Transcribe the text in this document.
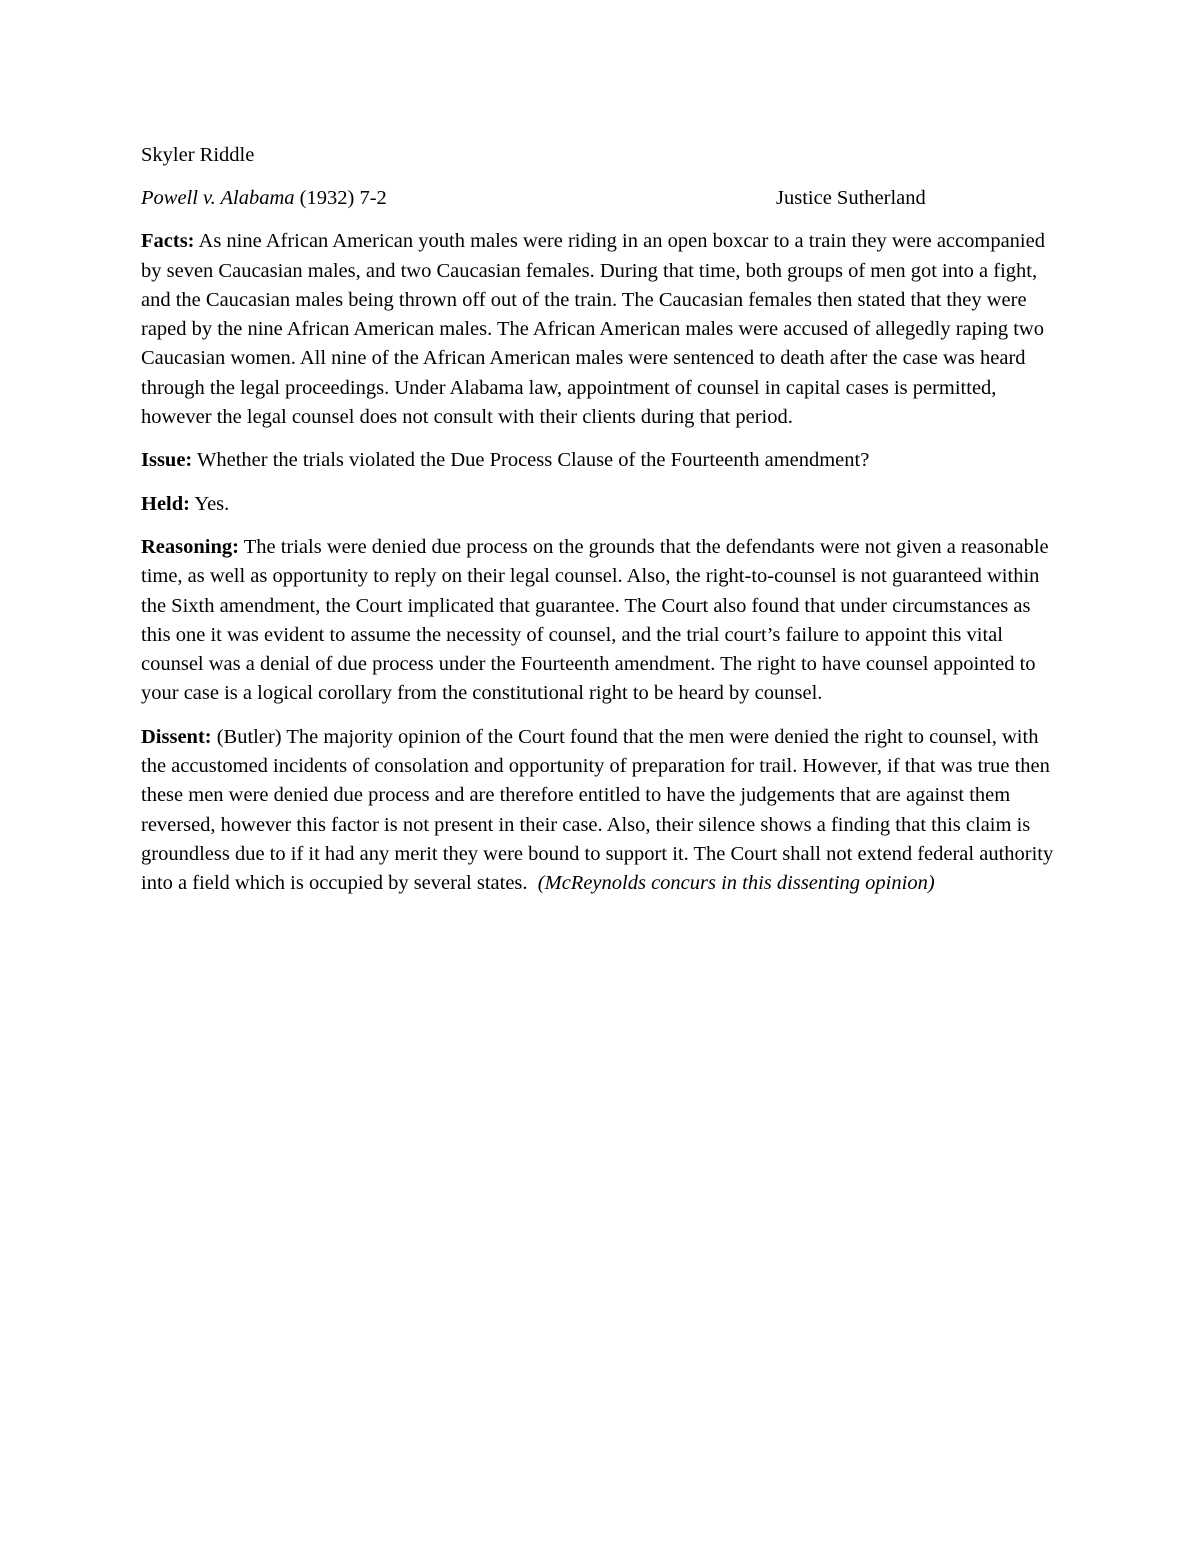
Skyler Riddle
Powell v. Alabama (1932) 7-2	Justice Sutherland
Facts: As nine African American youth males were riding in an open boxcar to a train they were accompanied by seven Caucasian males, and two Caucasian females. During that time, both groups of men got into a fight, and the Caucasian males being thrown off out of the train. The Caucasian females then stated that they were raped by the nine African American males. The African American males were accused of allegedly raping two Caucasian women. All nine of the African American males were sentenced to death after the case was heard through the legal proceedings. Under Alabama law, appointment of counsel in capital cases is permitted, however the legal counsel does not consult with their clients during that period.
Issue: Whether the trials violated the Due Process Clause of the Fourteenth amendment?
Held: Yes.
Reasoning: The trials were denied due process on the grounds that the defendants were not given a reasonable time, as well as opportunity to reply on their legal counsel. Also, the right-to-counsel is not guaranteed within the Sixth amendment, the Court implicated that guarantee. The Court also found that under circumstances as this one it was evident to assume the necessity of counsel, and the trial court’s failure to appoint this vital counsel was a denial of due process under the Fourteenth amendment. The right to have counsel appointed to your case is a logical corollary from the constitutional right to be heard by counsel.
Dissent: (Butler) The majority opinion of the Court found that the men were denied the right to counsel, with the accustomed incidents of consolation and opportunity of preparation for trail. However, if that was true then these men were denied due process and are therefore entitled to have the judgements that are against them reversed, however this factor is not present in their case. Also, their silence shows a finding that this claim is groundless due to if it had any merit they were bound to support it. The Court shall not extend federal authority into a field which is occupied by several states.  (McReynolds concurs in this dissenting opinion)
